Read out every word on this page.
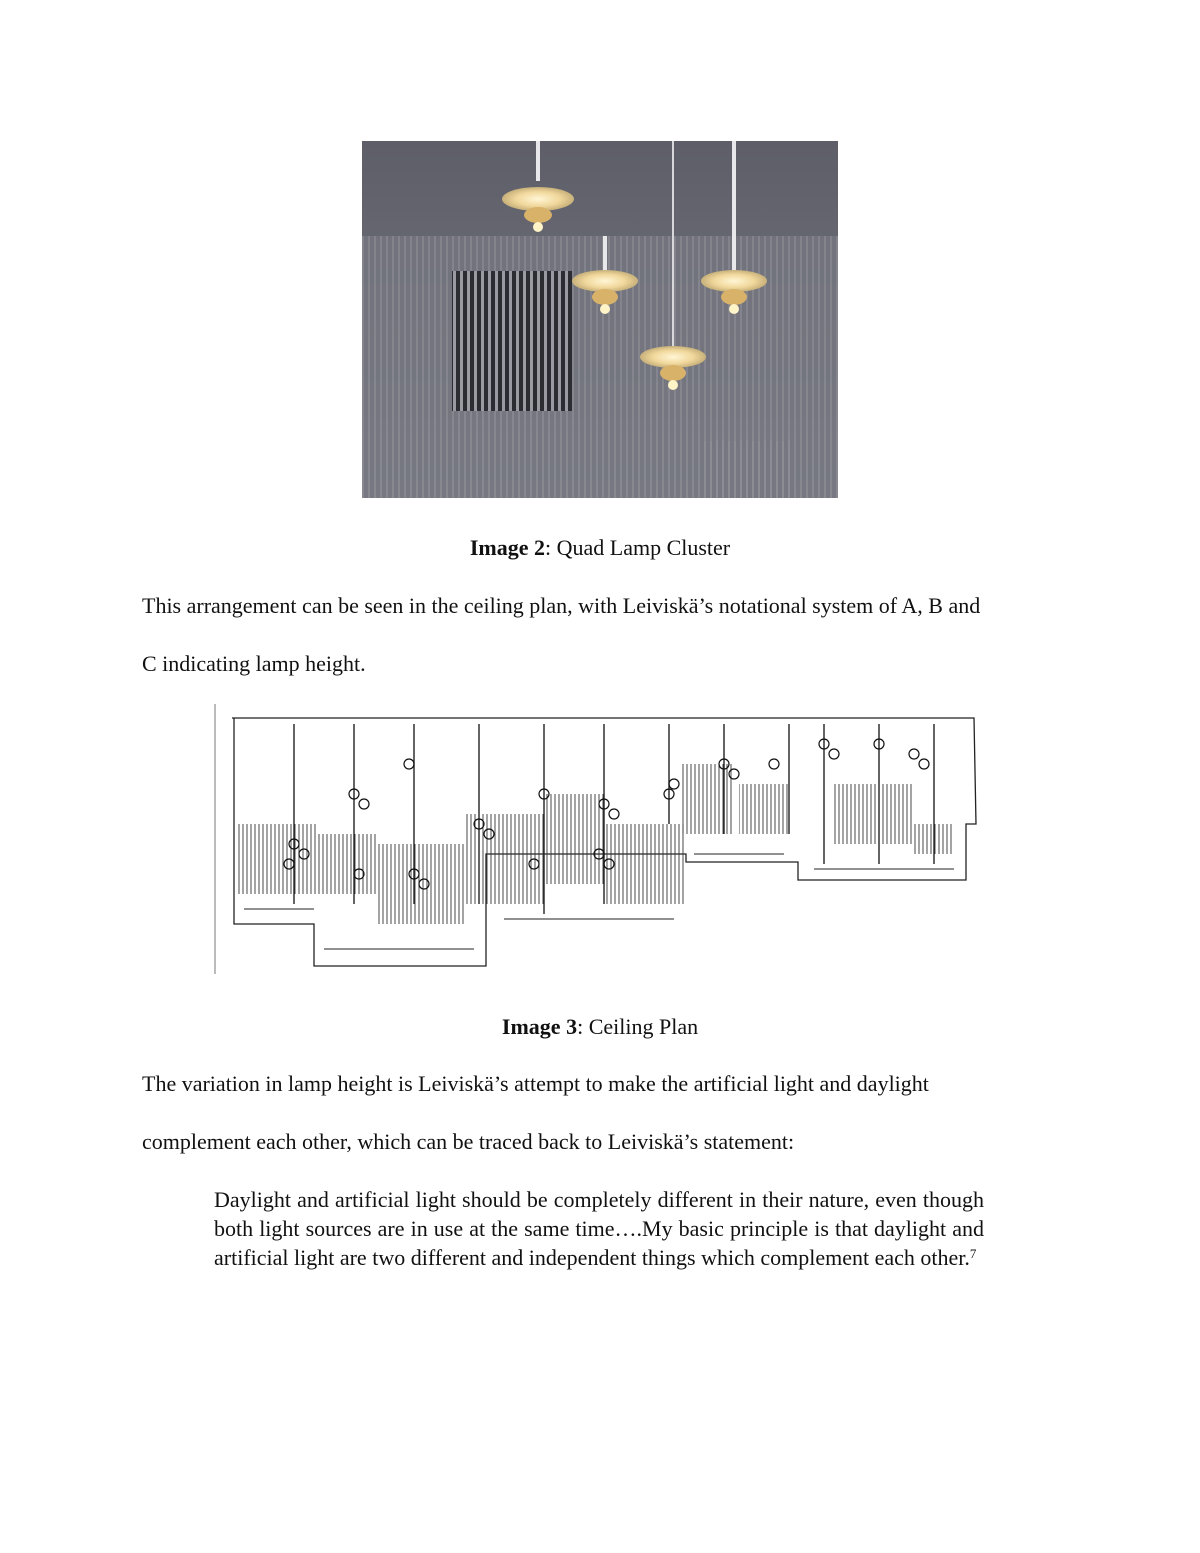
Image 2: Quad Lamp Cluster
This arrangement can be seen in the ceiling plan, with Leiviskä’s notational system of A, B and
C indicating lamp height.
Image 3: Ceiling Plan
The variation in lamp height is Leiviskä’s attempt to make the artificial light and daylight
complement each other, which can be traced back to Leiviskä’s statement:
Daylight and artificial light should be completely different in their nature, even though both light sources are in use at the same time….My basic principle is that daylight and artificial light are two different and independent things which complement each other.$^7$
